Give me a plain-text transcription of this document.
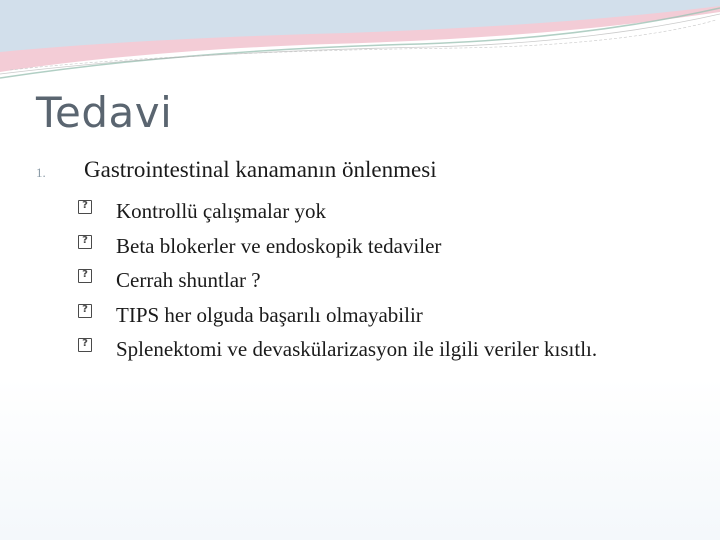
Tedavi
1.	Gastrointestinal kanamanın önlenmesi
?
Kontrollü çalışmalar yok
?
Beta blokerler ve endoskopik tedaviler
?
Cerrah shuntlar ?
?
TIPS her olguda başarılı olmayabilir
?
Splenektomi ve devaskülarizasyon ile ilgili veriler kısıtlı.
